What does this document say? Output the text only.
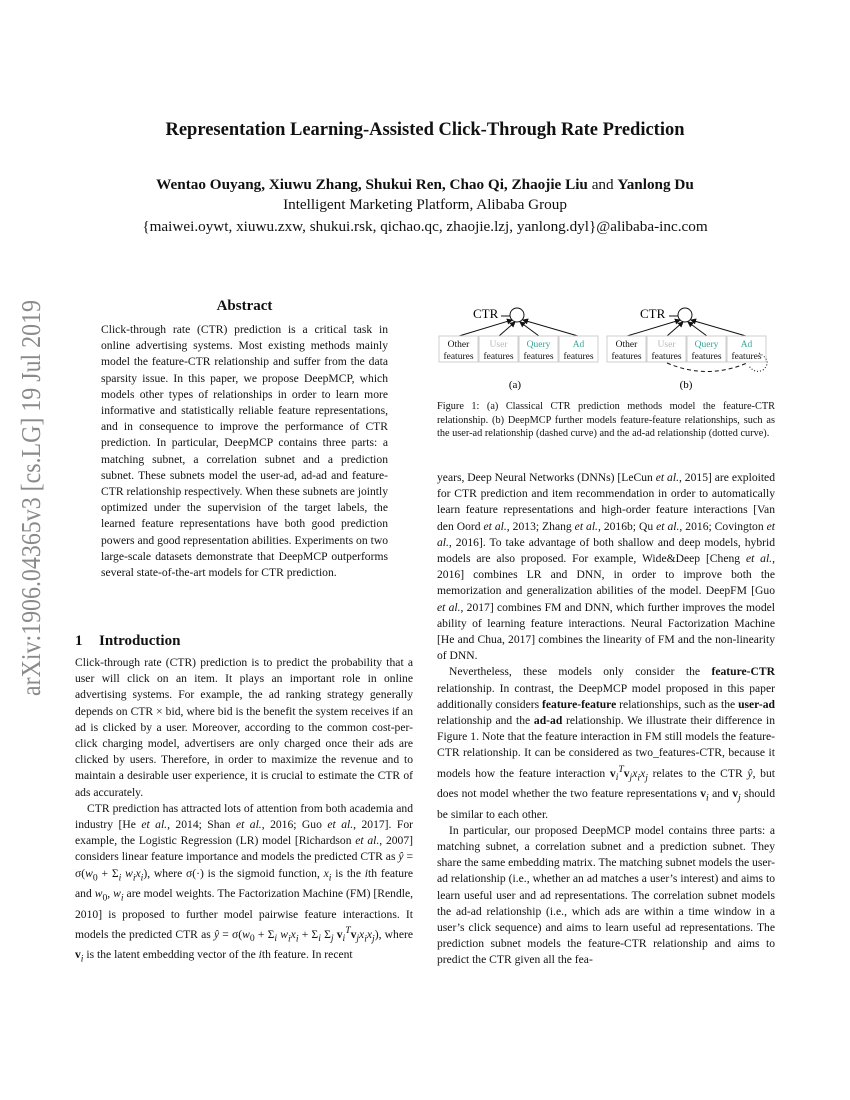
arXiv:1906.04365v3 [cs.LG] 19 Jul 2019
Representation Learning-Assisted Click-Through Rate Prediction
Wentao Ouyang, Xiuwu Zhang, Shukui Ren, Chao Qi, Zhaojie Liu and Yanlong Du
Intelligent Marketing Platform, Alibaba Group
{maiwei.oywt, xiuwu.zxw, shukui.rsk, qichao.qc, zhaojie.lzj, yanlong.dyl}@alibaba-inc.com
Abstract

Click-through rate (CTR) prediction is a critical task in online advertising systems. Most existing methods mainly model the feature-CTR relationship and suffer from the data sparsity issue. In this paper, we propose DeepMCP, which models other types of relationships in order to learn more informative and statistically reliable feature representations, and in consequence to improve the performance of CTR prediction. In particular, DeepMCP contains three parts: a matching subnet, a correlation subnet and a prediction subnet. These subnets model the user-ad, ad-ad and feature-CTR relationship respectively. When these subnets are jointly optimized under the supervision of the target labels, the learned feature representations have both good prediction powers and good representation abilities. Experiments on two large-scale datasets demonstrate that DeepMCP outperforms several state-of-the-art models for CTR prediction.

1 Introduction

Click-through rate (CTR) prediction is to predict the probability that a user will click on an item. It plays an important role in online advertising systems. For example, the ad ranking strategy generally depends on CTR × bid, where bid is the benefit the system receives if an ad is clicked by a user. Moreover, according to the common cost-per-click charging model, advertisers are only charged once their ads are clicked by users. Therefore, in order to maximize the revenue and to maintain a desirable user experience, it is crucial to estimate the CTR of ads accurately.

CTR prediction has attracted lots of attention from both academia and industry [He et al., 2014; Shan et al., 2016; Guo et al., 2017]. For example, the Logistic Regression (LR) model [Richardson et al., 2007] considers linear feature importance and models the predicted CTR as ŷ = $\sigma(w_0 + \Sigma_i$ $w_ix_i$), where σ(·) is the sigmoid function, $x_i$ is the ith feature and $w_0$, $w_i$ are model weights. The Factorization Machine (FM) [Rendle, 2010] is proposed to further model pairwise feature interactions. It models the predicted CTR as ŷ = $\sigma(w_0 + \Sigma_i$ $w_ix_i + \Sigma_i$ $\Sigma_j$ $v_i^Tv_jx_ix_j$), where $v_i$ is the latent embedding vector of the ith feature. In recent

CTR
Other
features
User
features
Query
features
Ad
features
(a)
CTR
Other
features
User
features
Query
features
Ad
features
(b)
Figure 1: (a) Classical CTR prediction methods model the feature-CTR relationship. (b) DeepMCP further models feature-feature relationships, such as the user-ad relationship (dashed curve) and the ad-ad relationship (dotted curve).

years, Deep Neural Networks (DNNs) [LeCun et al., 2015] are exploited for CTR prediction and item recommendation in order to automatically learn feature representations and high-order feature interactions [Van den Oord et al., 2013; Zhang et al., 2016b; Qu et al., 2016; Covington et al., 2016]. To take advantage of both shallow and deep models, hybrid models are also proposed. For example, Wide&Deep [Cheng et al., 2016] combines LR and DNN, in order to improve both the memorization and generalization abilities of the model. DeepFM [Guo et al., 2017] combines FM and DNN, which further improves the model ability of learning feature interactions. Neural Factorization Machine [He and Chua, 2017] combines the linearity of FM and the non-linearity of DNN.

Nevertheless, these models only consider the feature-CTR relationship. In contrast, the DeepMCP model proposed in this paper additionally considers feature-feature relationships, such as the user-ad relationship and the ad-ad relationship. We illustrate their difference in Figure 1. Note that the feature interaction in FM still models the feature-CTR relationship. It can be considered as two_features-CTR, because it models how the feature interaction $v_i^Tv_jx_ix_j$ relates to the CTR ŷ, but does not model whether the two feature representations $v_i$ and $v_j$ should be similar to each other.

In particular, our proposed DeepMCP model contains three parts: a matching subnet, a correlation subnet and a prediction subnet. They share the same embedding matrix. The matching subnet models the user-ad relationship (i.e., whether an ad matches a user’s interest) and aims to learn useful user and ad representations. The correlation subnet models the ad-ad relationship (i.e., which ads are within a time window in a user’s click sequence) and aims to learn useful ad representations. The prediction subnet models the feature-CTR relationship and aims to predict the CTR given all the fea-
